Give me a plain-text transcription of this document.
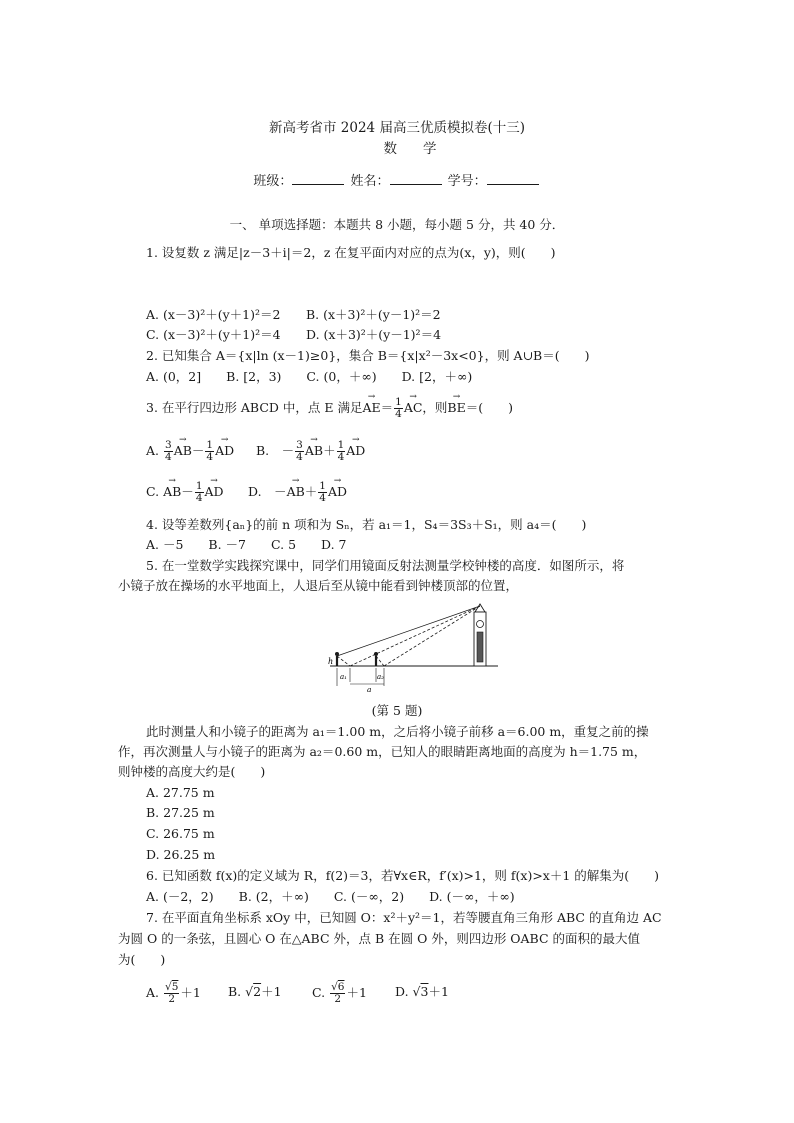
新高考省市 2024 届高三优质模拟卷(十三)
数学
班级：	姓名：	学号：
一、 单项选择题：本题共 8 小题，每小题 5 分，共 40 分．
1. 设复数 z 满足|z－3＋i|＝2，z 在复平面内对应的点为(x，y)，则(　　)
A. (x－3)²＋(y＋1)²＝2 B. (x＋3)²＋(y－1)²＝2
C. (x－3)²＋(y＋1)²＝4 D. (x＋3)²＋(y－1)²＝4
2. 已知集合 A＝{x|ln (x－1)≥0}，集合 B＝{x|x²－3x<0}，则 A∪B＝(　　)
A. (0，2]　　B. [2，3)　　C. (0，＋∞)　　D. [2，＋∞)
3. 在平行四边形 ABCD 中，点 E 满足→ $AE= \frac{1}{4}$ → AC，则→ BE＝(　　)
A. $\frac{3}{4} \to AB- \frac{1}{4}$ → AD B.　－ $\frac{3}{4} \to AB+ \frac{1}{4}$ → AD
C. → $AB- \frac{1}{4}$ → AD D.　－→ $AB+ \frac{1}{4}$ → AD
4. 设等差数列{aₙ}的前 n 项和为 Sₙ，若 a₁＝1，S₄＝3S₃＋S₁，则 a₄＝(　　)
A. －5　　B. －7　　C. 5　　D. 7
5. 在一堂数学实践探究课中，同学们用镜面反射法测量学校钟楼的高度．如图所示，将
小镜子放在操场的水平地面上，人退后至从镜中能看到钟楼顶部的位置，
h
a₁	a₂
a
(第 5 题)
此时测量人和小镜子的距离为 a₁＝1.00 m，之后将小镜子前移 a＝6.00 m，重复之前的操
作，再次测量人与小镜子的距离为 a₂＝0.60 m，已知人的眼睛距离地面的高度为 h＝1.75 m，
则钟楼的高度大约是(　　)
A. 27.75 m
B. 27.25 m
C. 26.75 m
D. 26.25 m
6. 已知函数 f(x)的定义域为 R，f(2)＝3，若∀x∈R，f′(x)>1，则 f(x)>x＋1 的解集为(　　)
A. (－2，2)　　B. (2，＋∞)　　C. (－∞，2)　　D. (－∞，＋∞)
7. 在平面直角坐标系 xOy 中，已知圆 O：x²＋y²＝1，若等腰直角三角形 ABC 的直角边 AC
为圆 O 的一条弦，且圆心 O 在△ABC 外，点 B 在圆 O 外，则四边形 OABC 的面积的最大值
为(　　)
A. $\frac{√5}{2} +1$ B. √2＋1 C. $\frac{√6}{2} +1$ D. √3＋1
